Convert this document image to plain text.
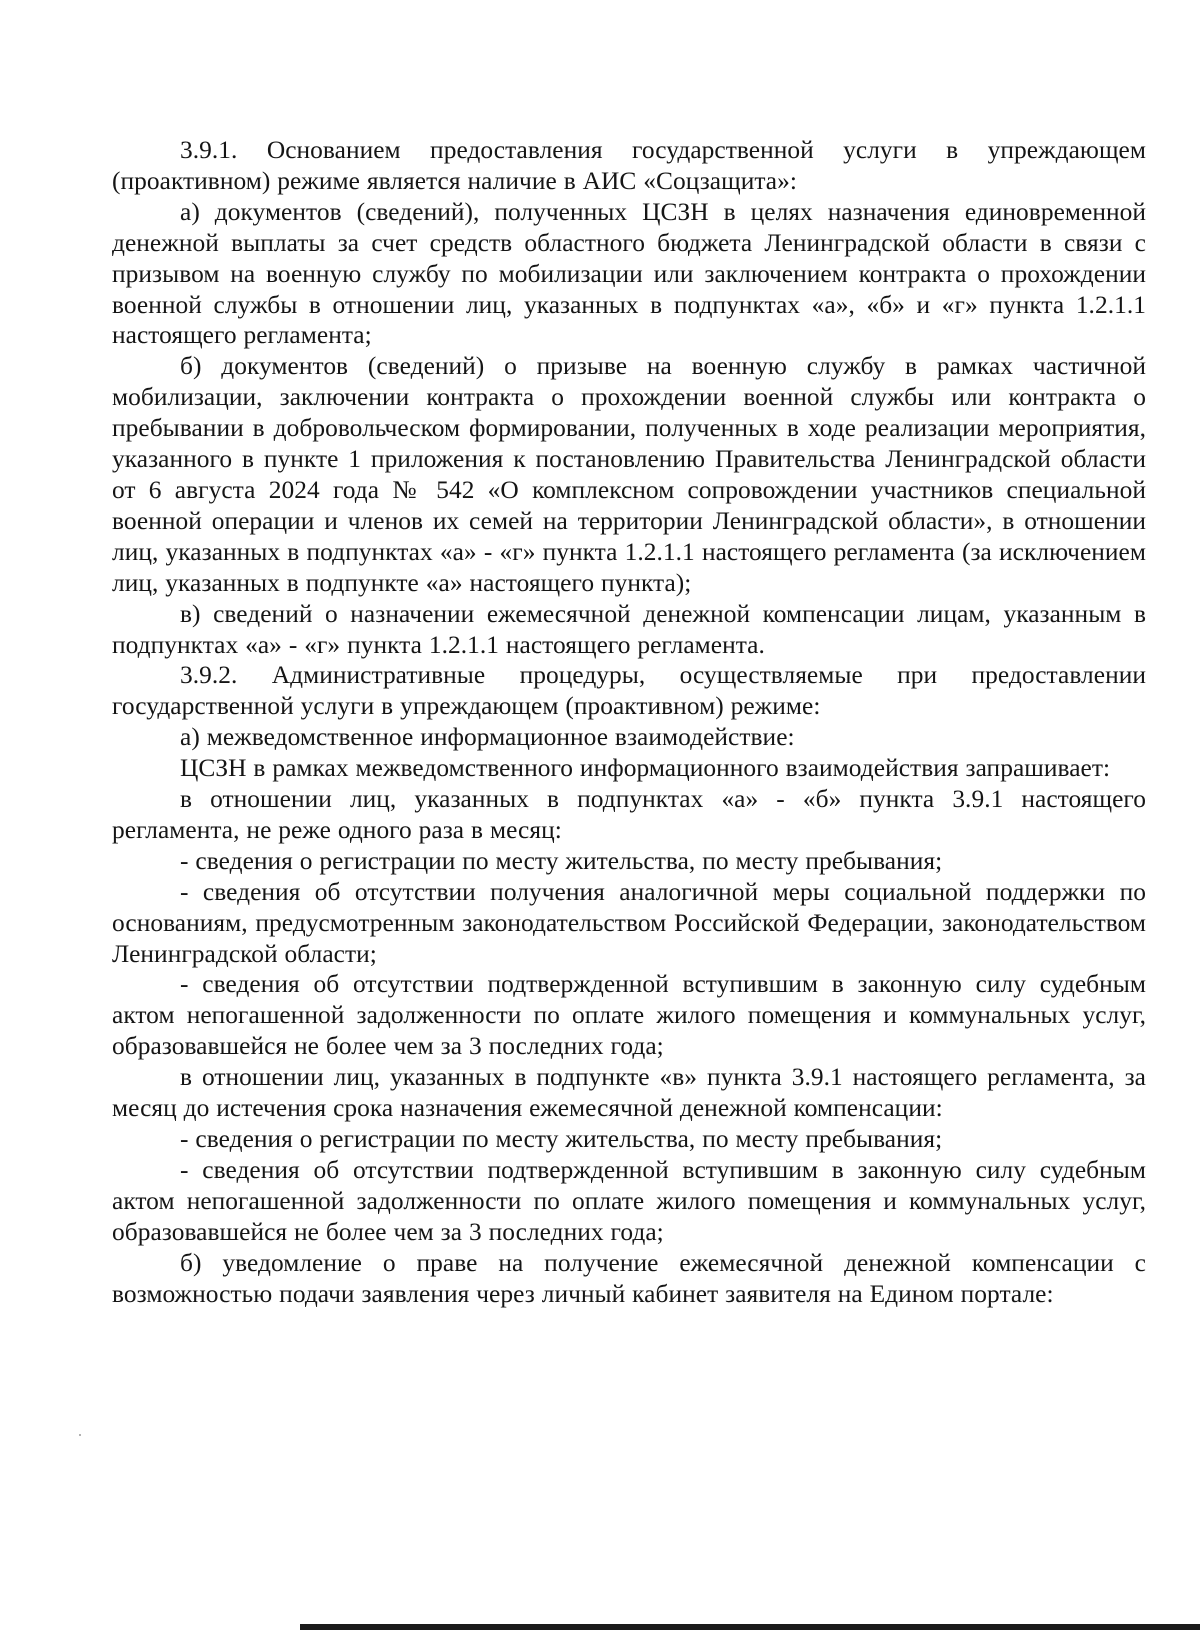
3.9.1. Основанием предоставления государственной услуги в упреждающем (проактивном) режиме является наличие в АИС «Соцзащита»:

а) документов (сведений), полученных ЦСЗН в целях назначения единовременной денежной выплаты за счет средств областного бюджета Ленинградской области в связи с призывом на военную службу по мобилизации или заключением контракта о прохождении военной службы в отношении лиц, указанных в подпунктах «а», «б» и «г» пункта 1.2.1.1 настоящего регламента;

б) документов (сведений) о призыве на военную службу в рамках частичной мобилизации, заключении контракта о прохождении военной службы или контракта о пребывании в добровольческом формировании, полученных в ходе реализации мероприятия, указанного в пункте 1 приложения к постановлению Правительства Ленинградской области от 6 августа 2024 года № 542 «О комплексном сопровождении участников специальной военной операции и членов их семей на территории Ленинградской области», в отношении лиц, указанных в подпунктах «а» - «г» пункта 1.2.1.1 настоящего регламента (за исключением лиц, указанных в подпункте «а» настоящего пункта);

в) сведений о назначении ежемесячной денежной компенсации лицам, указанным в подпунктах «а» - «г» пункта 1.2.1.1 настоящего регламента.

3.9.2. Административные процедуры, осуществляемые при предоставлении государственной услуги в упреждающем (проактивном) режиме:

а) межведомственное информационное взаимодействие:

ЦСЗН в рамках межведомственного информационного взаимодействия запрашивает:

в отношении лиц, указанных в подпунктах «а» - «б» пункта 3.9.1 настоящего регламента, не реже одного раза в месяц:

- сведения о регистрации по месту жительства, по месту пребывания;

- сведения об отсутствии получения аналогичной меры социальной поддержки по основаниям, предусмотренным законодательством Российской Федерации, законодательством Ленинградской области;

- сведения об отсутствии подтвержденной вступившим в законную силу судебным актом непогашенной задолженности по оплате жилого помещения и коммунальных услуг, образовавшейся не более чем за 3 последних года;

в отношении лиц, указанных в подпункте «в» пункта 3.9.1 настоящего регламента, за месяц до истечения срока назначения ежемесячной денежной компенсации:

- сведения о регистрации по месту жительства, по месту пребывания;

- сведения об отсутствии подтвержденной вступившим в законную силу судебным актом непогашенной задолженности по оплате жилого помещения и коммунальных услуг, образовавшейся не более чем за 3 последних года;

б) уведомление о праве на получение ежемесячной денежной компенсации с возможностью подачи заявления через личный кабинет заявителя на Едином портале:
